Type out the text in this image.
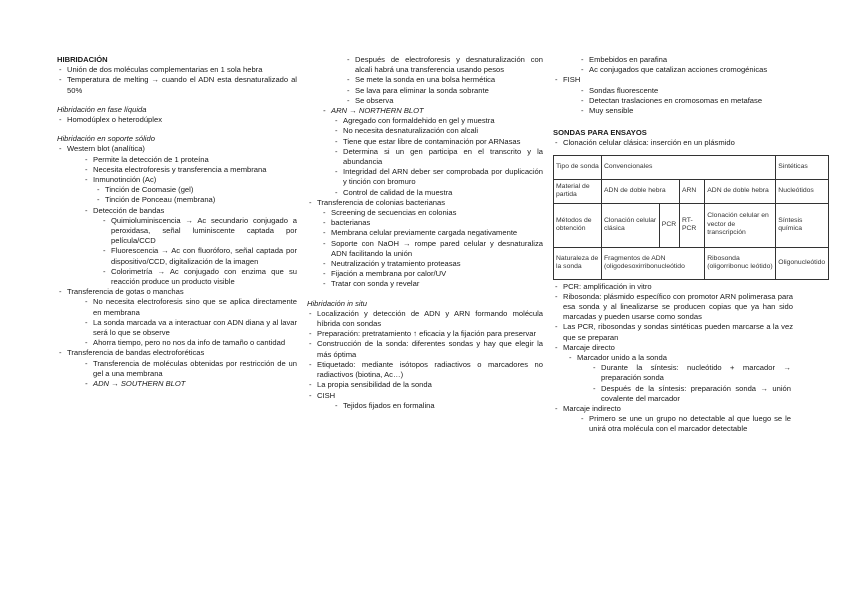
HIBRIDACIÓN
- Unión de dos moléculas complementarias en 1 sola hebra
- Temperatura de melting → cuando el ADN esta desnaturalizado al 50%
Hibridación en fase líquida
- Homodúplex o heterodúplex
Hibridación en soporte sólido
- Western blot (analítica)
- Permite la detección de 1 proteína
- Necesita electroforesis y transferencia a membrana
- Inmunotinción (Ac)
- Tinción de Coomasie (gel)
- Tinción de Ponceau (membrana)
- Detección de bandas
- Quimioluminiscencia → Ac secundario conjugado a peroxidasa, señal luminiscente captada por película/CCD
- Fluorescencia → Ac con fluoróforo, señal captada por dispositivo/CCD, digitalización de la imagen
- Colorimetría → Ac conjugado con enzima que su reacción produce un producto visible
- Transferencia de gotas o manchas
- No necesita electroforesis sino que se aplica directamente en membrana
- La sonda marcada va a interactuar con ADN diana y al lavar será lo que se observe
- Ahorra tiempo, pero no nos da info de tamaño o cantidad
- Transferencia de bandas electroforéticas
- Transferencia de moléculas obtenidas por restricción de un gel a una membrana
- ADN → SOUTHERN BLOT
- Después de electroforesis y desnaturalización con alcali habrá una transferencia usando pesos
- Se mete la sonda en una bolsa hermética
- Se lava para eliminar la sonda sobrante
- Se observa
- ARN → NORTHERN BLOT
- Agregado con formaldehido en gel y muestra
- No necesita desnaturalización con alcali
- Tiene que estar libre de contaminación por ARNasas
- Determina si un gen participa en el transcrito y la abundancia
- Integridad del ARN deber ser comprobada por duplicación y tinción con bromuro
- Control de calidad de la muestra
- Transferencia de colonias bacterianas
- Screening de secuencias en colonias
- bacterianas
- Membrana celular previamente cargada negativamente
- Soporte con NaOH → rompe pared celular y desnaturaliza ADN facilitando la unión
- Neutralización y tratamiento proteasas
- Fijación a membrana por calor/UV
- Tratar con sonda y revelar
Hibridación in situ
- Localización y detección de ADN y ARN formando molécula híbrida con sondas
- Preparación: pretratamiento ↑ eficacia y la fijación para preservar
- Construcción de la sonda: diferentes sondas y hay que elegir la más óptima
- Etiquetado: mediante isótopos radiactivos o marcadores no radiactivos (biotina, Ac…)
- La propia sensibilidad de la sonda
- CISH
- Tejidos fijados en formalina
- Embebidos en parafina
- Ac conjugados que catalizan acciones cromogénicas
- FISH
- Sondas fluorescente
- Detectan traslaciones en cromosomas en metafase
- Muy sensible
SONDAS PARA ENSAYOS
- Clonación celular clásica: inserción en un plásmido
Tipo de sonda	Convencionales				Sintéticas
Material de partida	ADN de doble hebra		ARN	ADN de doble hebra	Nucleótidos
Métodos de obtención	Clonación celular clásica	PCR	RT-PCR	Clonación celular en vector de transcripción	Síntesis química
Naturaleza de la sonda	Fragmentos de ADN (oligodesoxirribonucleótido			Ribosonda (oligorribonuc leótido)	Oligonucleótido
- PCR: amplificación in vitro
- Ribosonda: plásmido específico con promotor ARN polimerasa para esa sonda y al linealizarse se producen copias que ya han sido marcadas y pueden usarse como sondas
- Las PCR, ribosondas y sondas sintéticas pueden marcarse a la vez que se preparan
- Marcaje directo
- Marcador unido a la sonda
- Durante la síntesis: nucleótido + marcador → preparación sonda
- Después de la síntesis: preparación sonda → unión covalente del marcador
- Marcaje indirecto
- Primero se une un grupo no detectable al que luego se le unirá otra molécula con el marcador detectable
